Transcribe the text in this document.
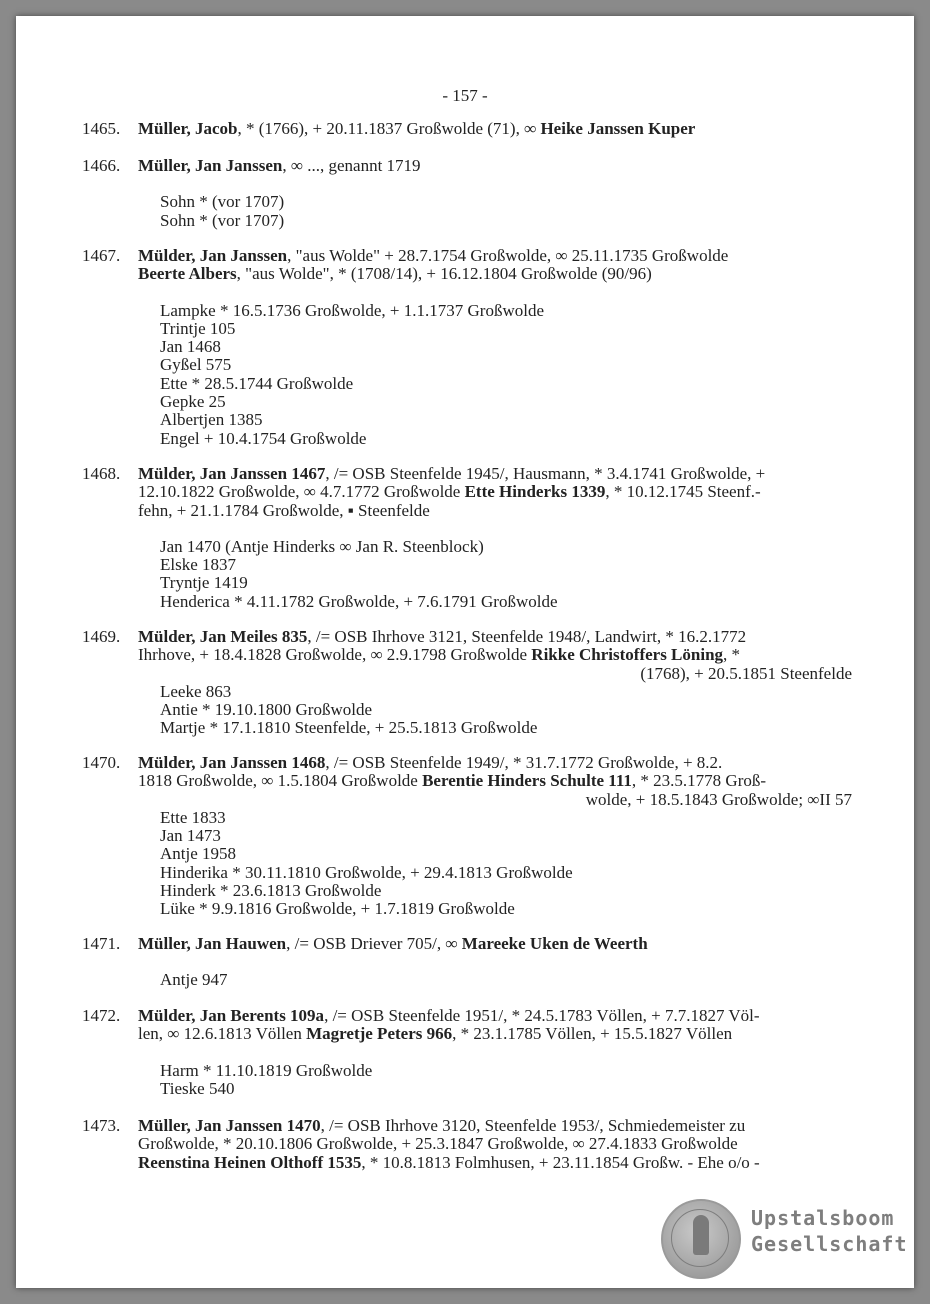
- 157 -
1465.	Müller, Jacob, * (1766), + 20.11.1837 Großwolde (71), ∞ Heike Janssen Kuper
1466.	Müller, Jan Janssen, ∞ ..., genannt 1719
Sohn * (vor 1707)
Sohn * (vor 1707)
1467.	Mülder, Jan Janssen, "aus Wolde" + 28.7.1754 Großwolde, ∞ 25.11.1735 Großwolde
Beerte Albers, "aus Wolde", * (1708/14), + 16.12.1804 Großwolde (90/96)
Lampke * 16.5.1736 Großwolde, + 1.1.1737 Großwolde
Trintje 105
Jan 1468
Gyßel 575
Ette * 28.5.1744 Großwolde
Gepke 25
Albertjen 1385
Engel + 10.4.1754 Großwolde
1468.	Mülder, Jan Janssen 1467, /= OSB Steenfelde 1945/, Hausmann, * 3.4.1741 Großwolde, +
12.10.1822 Großwolde, ∞ 4.7.1772 Großwolde Ette Hinderks 1339, * 10.12.1745 Steenf.-
fehn, + 21.1.1784 Großwolde, ▪ Steenfelde
Jan 1470 (Antje Hinderks ∞ Jan R. Steenblock)
Elske 1837
Tryntje 1419
Henderica * 4.11.1782 Großwolde, + 7.6.1791 Großwolde
1469.	Mülder, Jan Meiles 835, /= OSB Ihrhove 3121, Steenfelde 1948/, Landwirt, * 16.2.1772
Ihrhove, + 18.4.1828 Großwolde, ∞ 2.9.1798 Großwolde Rikke Christoffers Löning, *
(1768), + 20.5.1851 Steenfelde
Leeke 863
Antie * 19.10.1800 Großwolde
Martje * 17.1.1810 Steenfelde, + 25.5.1813 Großwolde
1470.	Mülder, Jan Janssen 1468, /= OSB Steenfelde 1949/, * 31.7.1772 Großwolde, + 8.2.
1818 Großwolde, ∞ 1.5.1804 Großwolde Berentie Hinders Schulte 111, * 23.5.1778 Groß-
wolde, + 18.5.1843 Großwolde; ∞II 57
Ette 1833
Jan 1473
Antje 1958
Hinderika * 30.11.1810 Großwolde, + 29.4.1813 Großwolde
Hinderk * 23.6.1813 Großwolde
Lüke * 9.9.1816 Großwolde, + 1.7.1819 Großwolde
1471.	Müller, Jan Hauwen, /= OSB Driever 705/, ∞ Mareeke Uken de Weerth
Antje 947
1472.	Mülder, Jan Berents 109a, /= OSB Steenfelde 1951/, * 24.5.1783 Völlen, + 7.7.1827 Völ-
len, ∞ 12.6.1813 Völlen Magretje Peters 966, * 23.1.1785 Völlen, + 15.5.1827 Völlen
Harm * 11.10.1819 Großwolde
Tieske 540
1473.	Müller, Jan Janssen 1470, /= OSB Ihrhove 3120, Steenfelde 1953/, Schmiedemeister zu
Großwolde, * 20.10.1806 Großwolde, + 25.3.1847 Großwolde, ∞ 27.4.1833 Großwolde
Reenstina Heinen Olthoff 1535, * 10.8.1813 Folmhusen, + 23.11.1854 Großw. - Ehe o/o -
Upstalsboom
Gesellschaft
